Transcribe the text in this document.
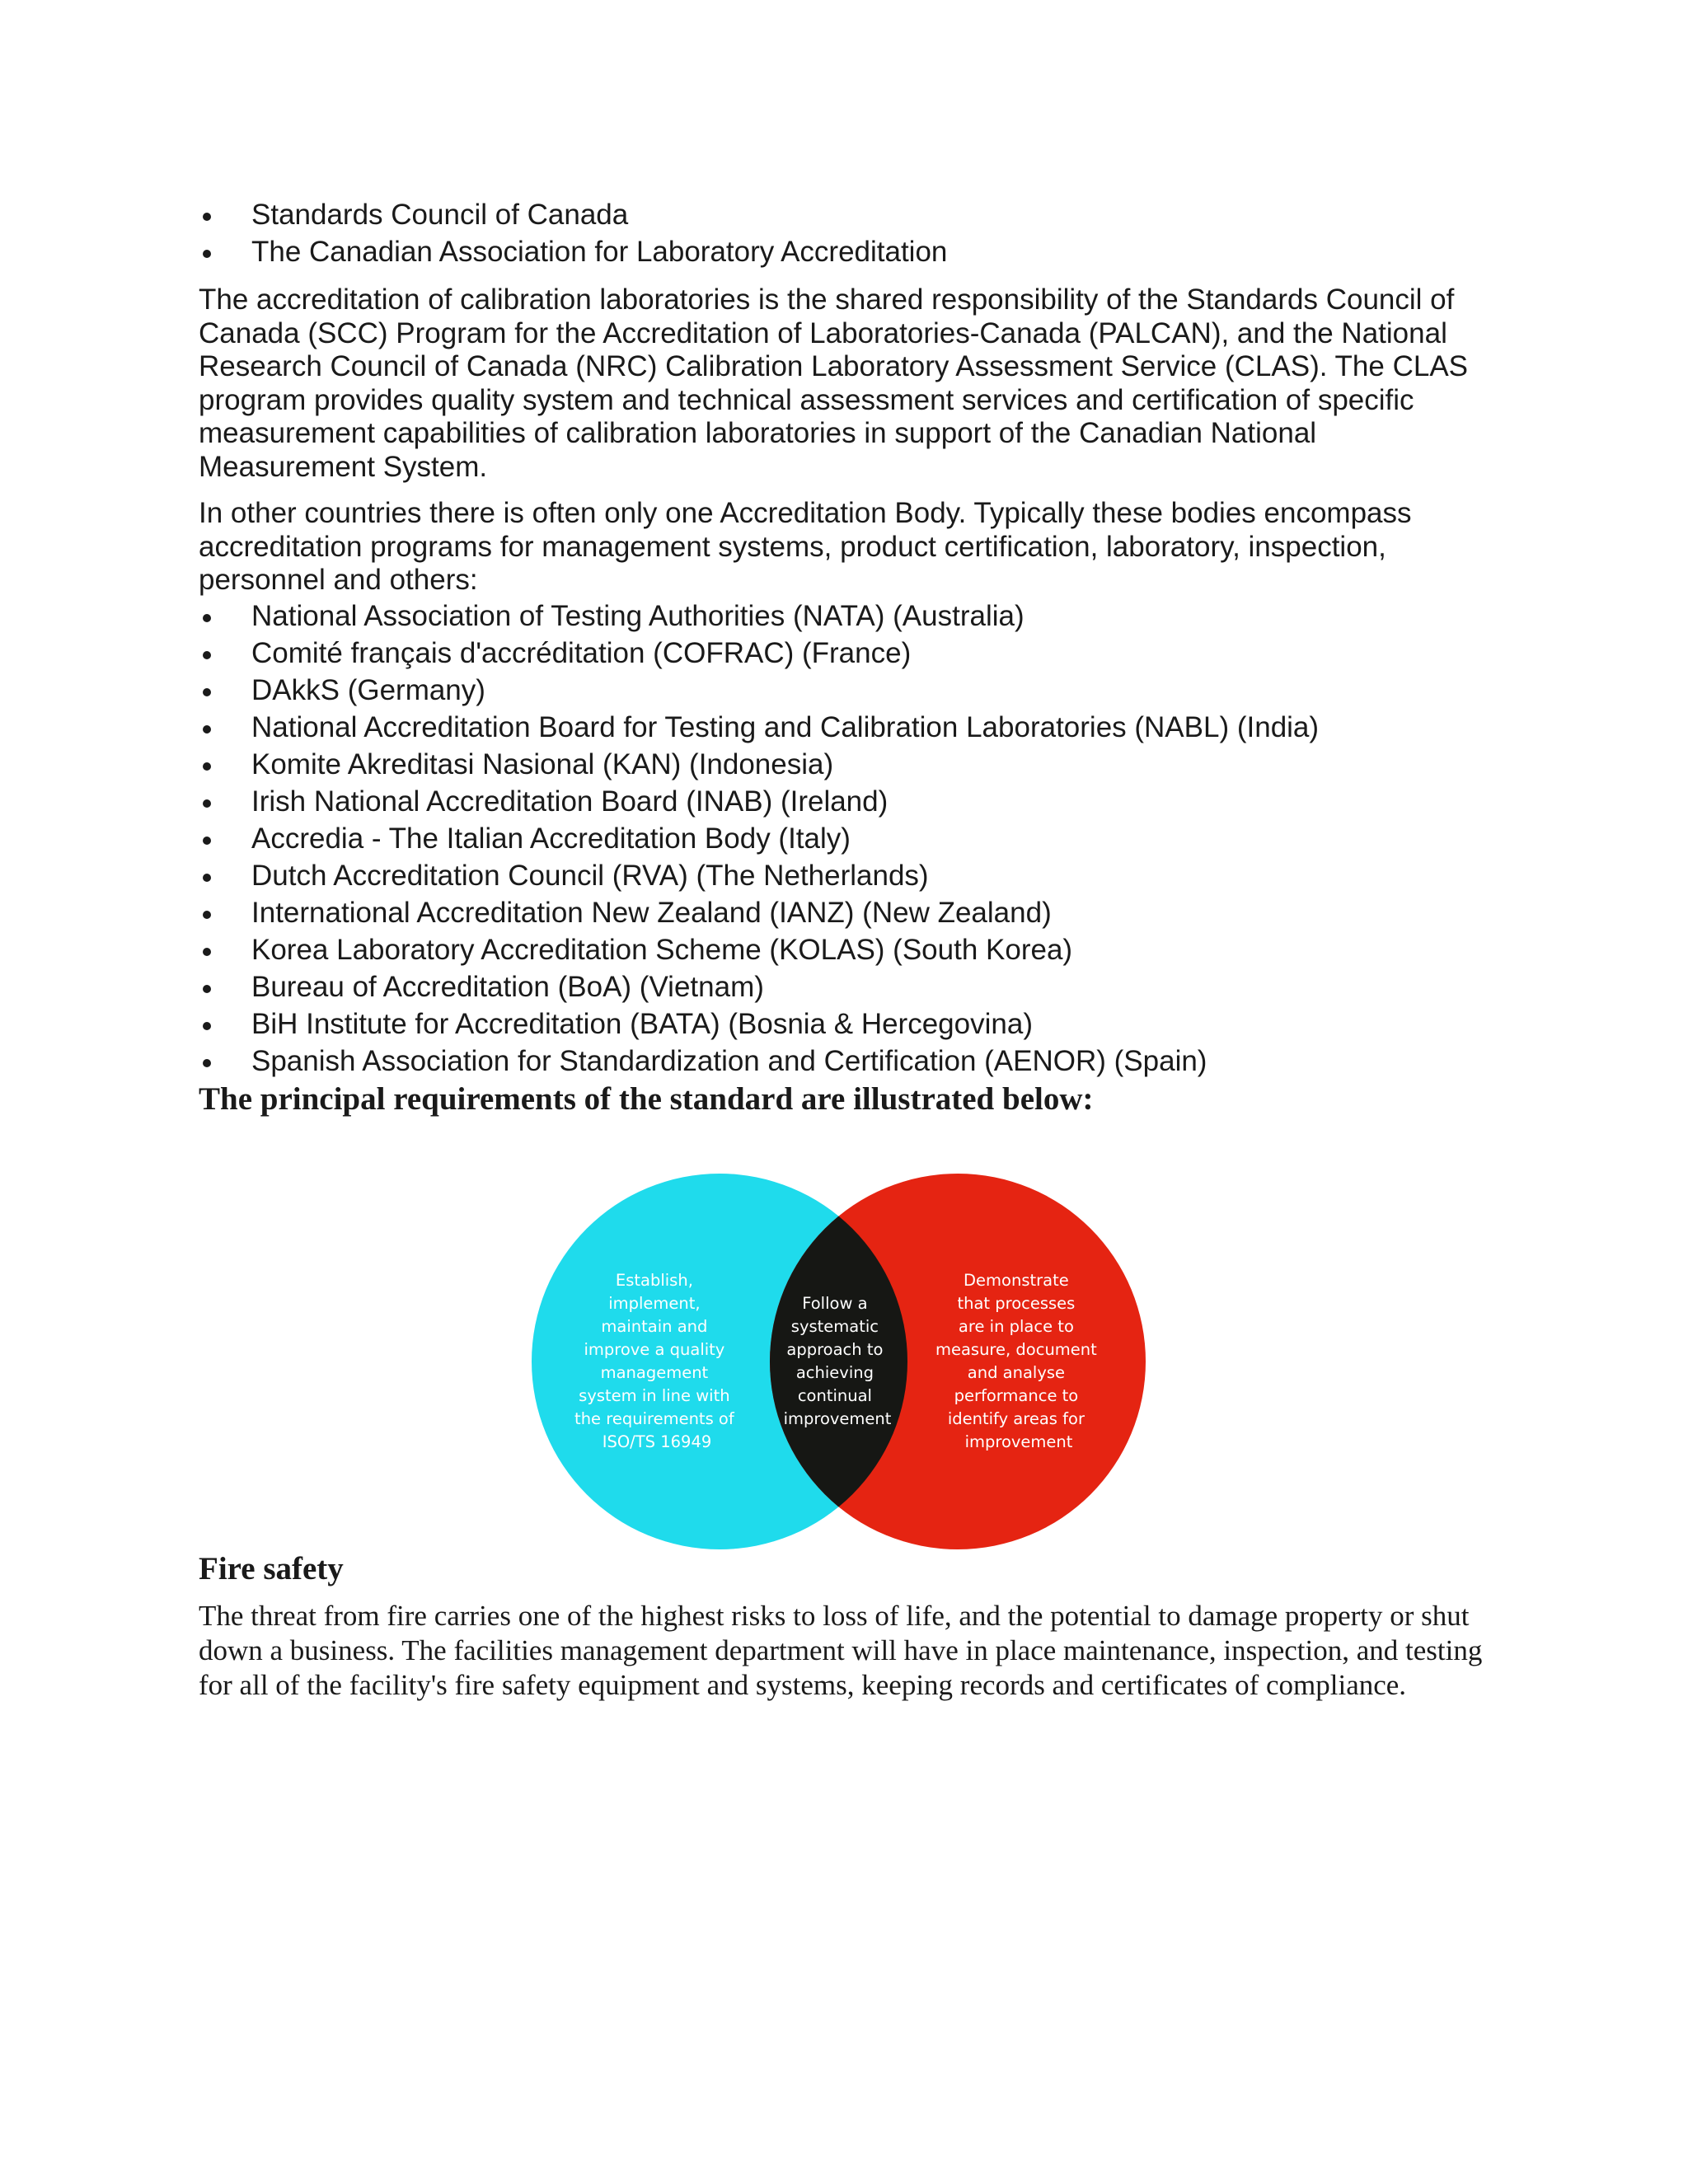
Standards Council of Canada
The Canadian Association for Laboratory Accreditation

The accreditation of calibration laboratories is the shared responsibility of the Standards Council of Canada (SCC) Program for the Accreditation of Laboratories-Canada (PALCAN), and the National Research Council of Canada (NRC) Calibration Laboratory Assessment Service (CLAS). The CLAS program provides quality system and technical assessment services and certification of specific measurement capabilities of calibration laboratories in support of the Canadian National Measurement System.

In other countries there is often only one Accreditation Body. Typically these bodies encompass accreditation programs for management systems, product certification, laboratory, inspection, personnel and others:

National Association of Testing Authorities (NATA) (Australia)
Comité français d'accréditation (COFRAC) (France)
DAkkS (Germany)
National Accreditation Board for Testing and Calibration Laboratories (NABL) (India)
Komite Akreditasi Nasional (KAN) (Indonesia)
Irish National Accreditation Board (INAB) (Ireland)
Accredia - The Italian Accreditation Body (Italy)
Dutch Accreditation Council (RVA) (The Netherlands)
International Accreditation New Zealand (IANZ) (New Zealand)
Korea Laboratory Accreditation Scheme (KOLAS) (South Korea)
Bureau of Accreditation (BoA) (Vietnam)
BiH Institute for Accreditation (BATA) (Bosnia & Hercegovina)
Spanish Association for Standardization and Certification (AENOR) (Spain)
The principal requirements of the standard are illustrated below:
Establish, implement, maintain and improve a quality management system in line with the requirements of ISO/TS 16949
Follow a systematic approach to achieving continual improvement
Demonstrate that processes are in place to measure, document and analyse performance to identify areas for improvement
Fire safety

The threat from fire carries one of the highest risks to loss of life, and the potential to damage property or shut down a business. The facilities management department will have in place maintenance, inspection, and testing for all of the facility's fire safety equipment and systems, keeping records and certificates of compliance.
